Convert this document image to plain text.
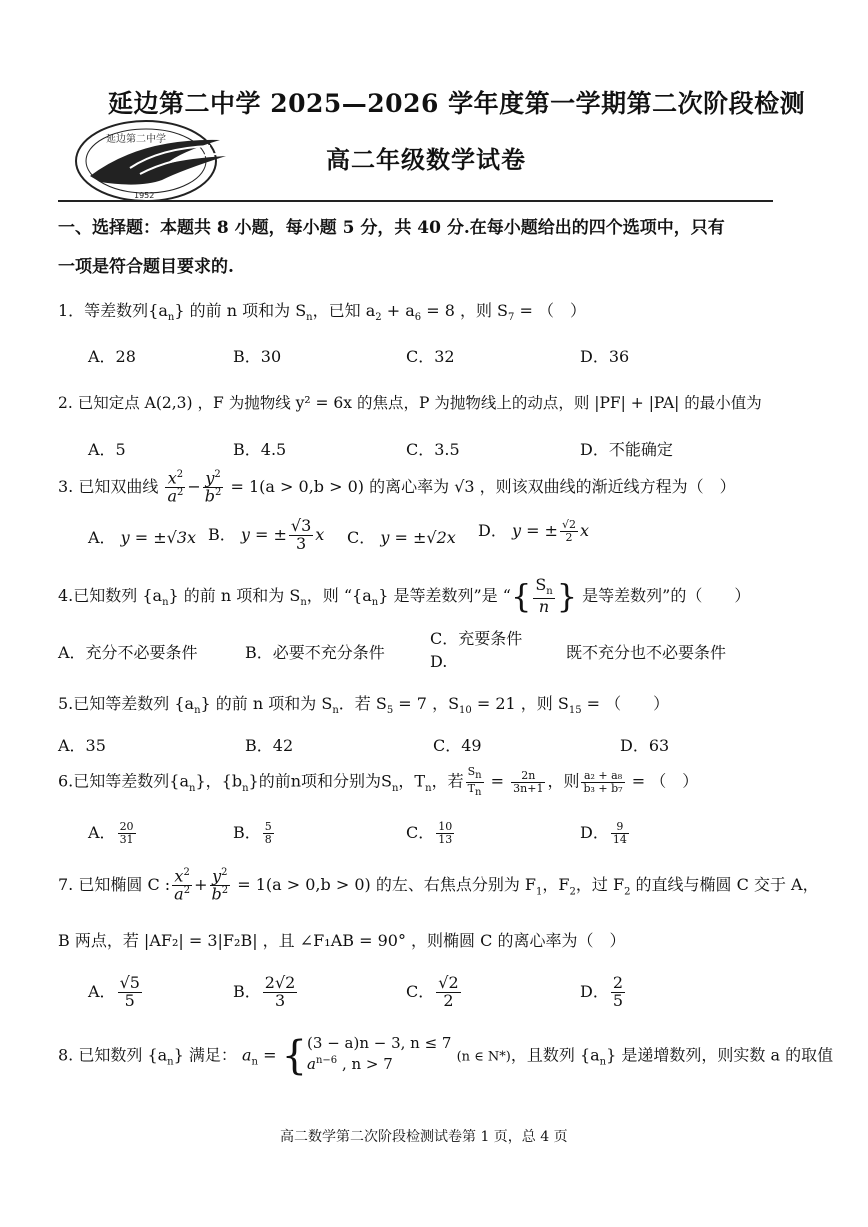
延边第二中学
1952
延边第二中学 2025—2026 学年度第一学期第二次阶段检测
高二年级数学试卷
一、选择题：本题共 8 小题，每小题 5 分，共 40 分.在每小题给出的四个选项中，只有
一项是符合题目要求的.
1．等差数列$\{a_n\}$ 的前 n 项和为 $S_n$，已知 $a_2 + a_6 = 8$ ，则 $S_7$ = （　）
A．28	B．30	C．32	D．36
2. 已知定点 A(2,3) ，F 为抛物线 y² = 6x 的焦点，P 为抛物线上的动点，则 |PF| + |PA| 的最小值为
A．5	B．4.5	C．3.5	D．不能确定
3. 已知双曲线 $\frac{x^2}{a^2} - \frac{y^2}{b^2} = 1(a > 0,b > 0)$ 的离心率为 √3 ，则该双曲线的渐近线方程为（　）
A． y = ±√3x B． y = ± $\frac{√3}{3}$ x C． y = ±√2x D． y = ± $\frac{√2}{2}$ x
4.已知数列 $\{a_n\}$ 的前 n 项和为 $S_n$，则 “$\{a_n\}$ 是等差数列”是 “{ $\frac{S_n}{n}$ } 是等差数列”的（　　）
A．充分不必要条件	B．必要不充分条件
C．充要条件
D.	既不充分也不必要条件
5.已知等差数列 $\{a_n\}$ 的前 n 项和为 $S_n$．若 $S_5 = 7$ ，$S_{10} = 21$ ，则 $S_{15}$ = （　　）
A．35	B．42	C．49	D．63
6.已知等差数列$\{a_n\}$，$\{b_n\}$的前n项和分别为$S_n$，$T_n$，若 $\frac{S_n}{T_n} = \frac{2n}{3n+1}$ ，则 $\frac{\text{a₂ + a₈}}{\text{b₃ + b₇}}$ = （　）
A． $\frac{20}{31}$	B． $\frac{5}{8}$	C． $\frac{10}{13}$	D． $\frac{9}{14}$
7. 已知椭圆 C : $\frac{x^2}{a^2} + \frac{y^2}{b^2} = 1(a > 0,b > 0)$ 的左、右焦点分别为 $F_1$，$F_2$，过 $F_2$ 的直线与椭圆 C 交于 A，
B 两点，若 |AF₂| = 3|F₂B| ，且 ∠F₁AB = 90° ，则椭圆 C 的离心率为（　）
A． $\frac{√5}{5}$	B． $\frac{2√2}{3}$	C． $\frac{√2}{2}$	D． $\frac{2}{5}$
8. 已知数列 $\{a_n\}$ 满足： $a_n$ = { (3 − a)n − 3, n ≤ 7
$a^{n-6}$ , n > 7	(n ∈ N*)，且数列 $\{a_n\}$ 是递增数列，则实数 a 的取值
高二数学第二次阶段检测试卷第 1 页，总 4 页
